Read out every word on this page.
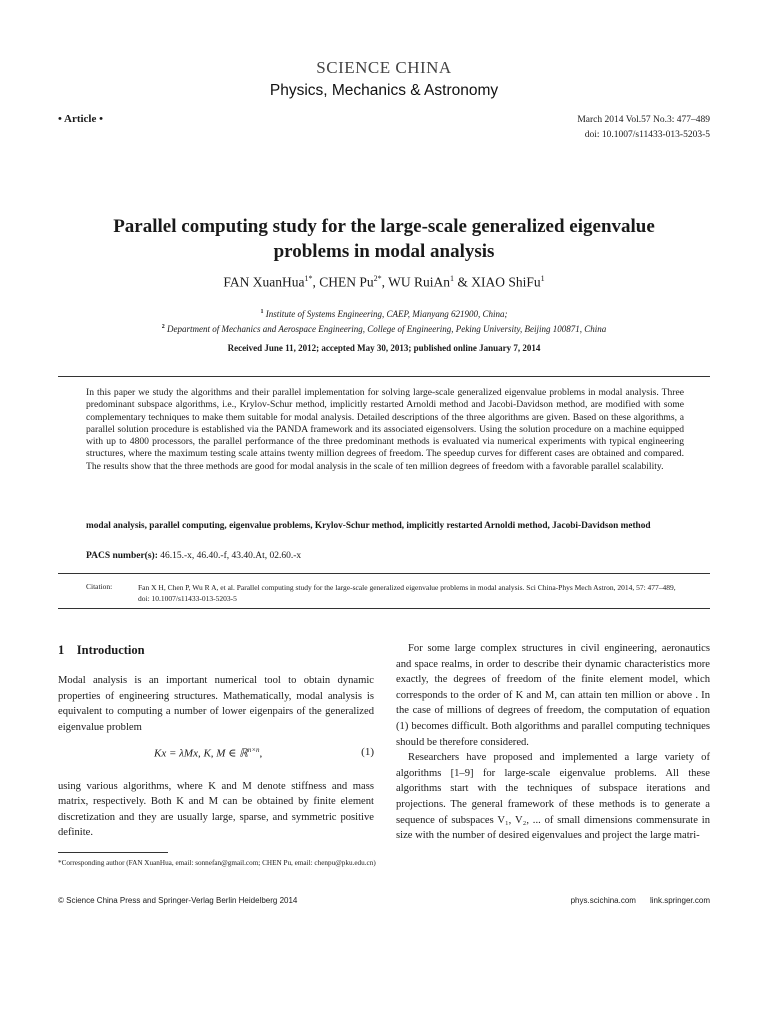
SCIENCE CHINA
Physics, Mechanics & Astronomy
• Article •	March 2014 Vol.57 No.3: 477–489
doi: 10.1007/s11433-013-5203-5
Parallel computing study for the large-scale generalized eigenvalue
problems in modal analysis
FAN XuanHua$^{1*}$, CHEN $Pu^{2*}$, WU RuiAn$^1$ & XIAO ShiFu$^1$
$^1$ Institute of Systems Engineering, CAEP, Mianyang 621900, China;
$^2$ Department of Mechanics and Aerospace Engineering, College of Engineering, Peking University, Beijing 100871, China
Received June 11, 2012; accepted May 30, 2013; published online January 7, 2014
In this paper we study the algorithms and their parallel implementation for solving large-scale generalized eigenvalue problems in modal analysis. Three predominant subspace algorithms, i.e., Krylov-Schur method, implicitly restarted Arnoldi method and Jacobi-Davidson method, are modified with some complementary techniques to make them suitable for modal analysis. Detailed descriptions of the three algorithms are given. Based on these algorithms, a parallel solution procedure is established via the PANDA framework and its associated eigensolvers. Using the solution procedure on a machine equipped with up to 4800 processors, the parallel performance of the three predominant methods is evaluated via numerical experiments with typical engineering structures, where the maximum testing scale attains twenty million degrees of freedom. The speedup curves for different cases are obtained and compared. The results show that the three methods are good for modal analysis in the scale of ten million degrees of freedom with a favorable parallel scalability.
modal analysis, parallel computing, eigenvalue problems, Krylov-Schur method, implicitly restarted Arnoldi method, Jacobi-Davidson method
PACS number(s): 46.15.-x, 46.40.-f, 43.40.At, 02.60.-x
Citation:	Fan X H, Chen P, Wu R A, et al. Parallel computing study for the large-scale generalized eigenvalue problems in modal analysis. Sci China-Phys Mech Astron, 2014, 57: 477–489, doi: 10.1007/s11433-013-5203-5
1 Introduction

Modal analysis is an important numerical tool to obtain dynamic properties of engineering structures. Mathematically, modal analysis is equivalent to computing a number of lower eigenpairs of the generalized eigenvalue problem

Kx = λMx, K, M ∈ ℝ$^{n\times n}$,	(1)

using various algorithms, where K and M denote stiffness and mass matrix, respectively. Both K and M can be obtained by finite element discretization and they are usually large, sparse, and symmetric positive definite.

For some large complex structures in civil engineering, aeronautics and space realms, in order to describe their dynamic characteristics more exactly, the degrees of freedom of the finite element model, which corresponds to the order of K and M, can attain ten million or above . In the case of millions of degrees of freedom, the computation of equation (1) becomes difficult. Both algorithms and parallel computing techniques should be therefore considered.

Researchers have proposed and implemented a large variety of algorithms [1–9] for large-scale eigenvalue problems. All these algorithms start with the techniques of subspace iterations and projections. The general framework of these methods is to generate a sequence of subspaces V₁, V₂, ... of small dimensions commensurate in size with the number of desired eigenvalues and project the large matri-

*Corresponding author (FAN XuanHua, email: sonnefan@gmail.com; CHEN Pu, email: chenpu@pku.edu.cn)
© Science China Press and Springer-Verlag Berlin Heidelberg 2014	phys.scichina.com link.springer.com
